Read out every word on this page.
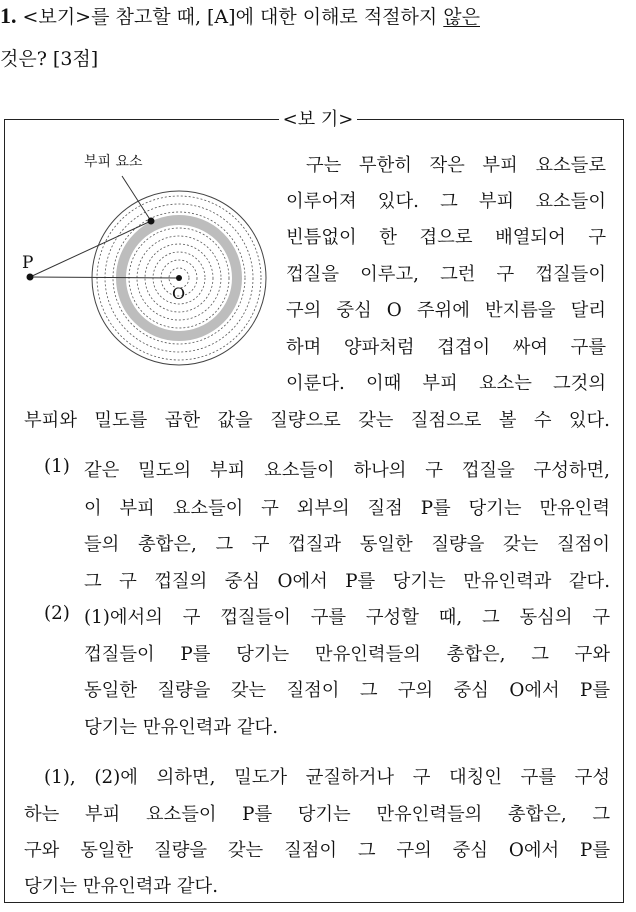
1. <보기>를 참고할 때, [A]에 대한 이해로 적절하지 않은
것은? [3점]
<보 기>
부피 요소
P
O
구는 무한히 작은 부피 요소들로
이루어져 있다. 그 부피 요소들이
빈틈없이 한 겹으로 배열되어 구
껍질을 이루고, 그런 구 껍질들이
구의 중심 O 주위에 반지름을 달리
하며 양파처럼 겹겹이 싸여 구를
이룬다. 이때 부피 요소는 그것의
부피와 밀도를 곱한 값을 질량으로 갖는 질점으로 볼 수 있다.
(1) 같은 밀도의 부피 요소들이 하나의 구 껍질을 구성하면,
이 부피 요소들이 구 외부의 질점 P를 당기는 만유인력
들의 총합은, 그 구 껍질과 동일한 질량을 갖는 질점이
그 구 껍질의 중심 O에서 P를 당기는 만유인력과 같다.
(2) (1)에서의 구 껍질들이 구를 구성할 때, 그 동심의 구
껍질들이 P를 당기는 만유인력들의 총합은, 그 구와
동일한 질량을 갖는 질점이 그 구의 중심 O에서 P를
당기는 만유인력과 같다.
(1), (2)에 의하면, 밀도가 균질하거나 구 대칭인 구를 구성
하는 부피 요소들이 P를 당기는 만유인력들의 총합은, 그
구와 동일한 질량을 갖는 질점이 그 구의 중심 O에서 P를
당기는 만유인력과 같다.
